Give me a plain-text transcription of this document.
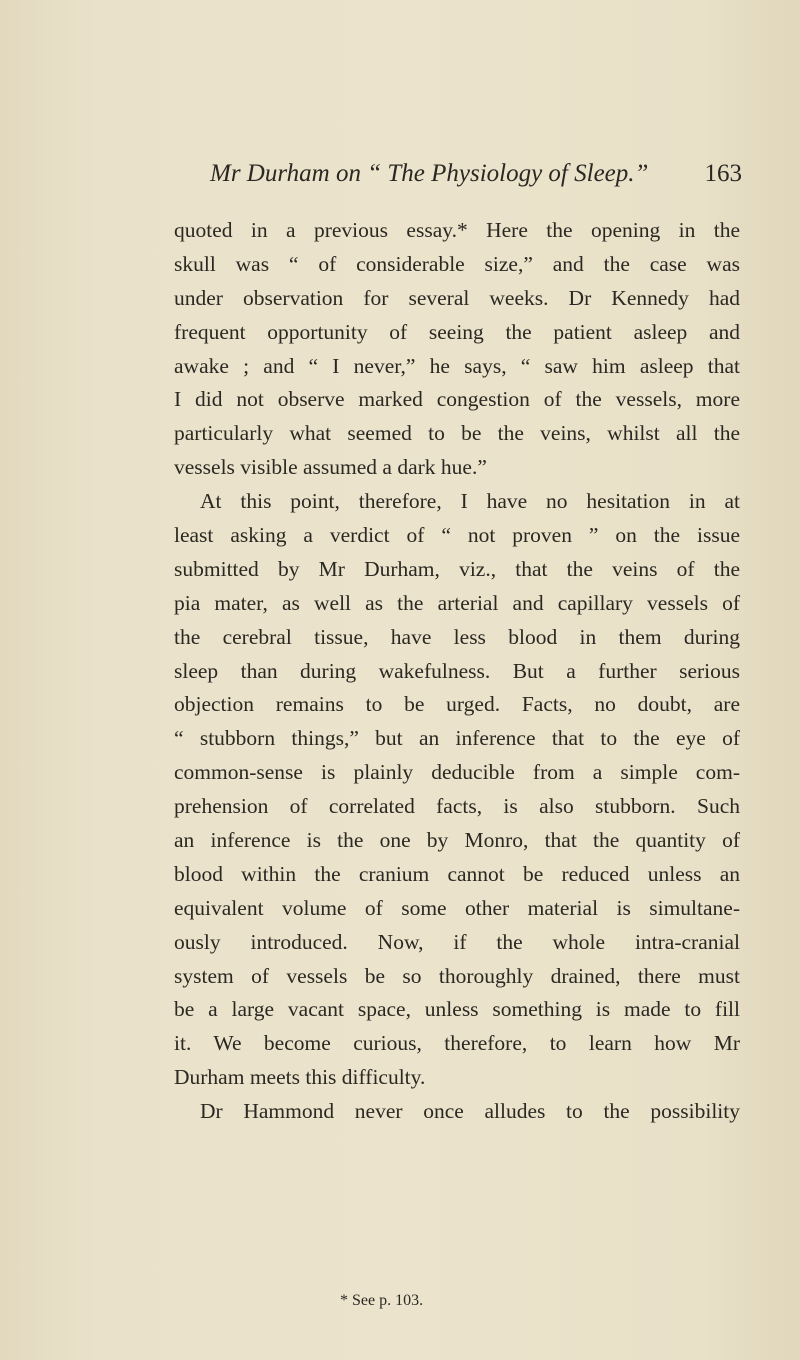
Mr Durham on “ The Physiology of Sleep.” 163
quoted in a previous essay.* Here the opening in the
skull was “ of considerable size,” and the case was
under observation for several weeks. Dr Kennedy had
frequent opportunity of seeing the patient asleep and
awake ; and “ I never,” he says, “ saw him asleep that
I did not observe marked congestion of the vessels, more
particularly what seemed to be the veins, whilst all the
vessels visible assumed a dark hue.”
At this point, therefore, I have no hesitation in at
least asking a verdict of “ not proven ” on the issue
submitted by Mr Durham, viz., that the veins of the
pia mater, as well as the arterial and capillary vessels of
the cerebral tissue, have less blood in them during
sleep than during wakefulness. But a further serious
objection remains to be urged. Facts, no doubt, are
“ stubborn things,” but an inference that to the eye of
common-sense is plainly deducible from a simple com-
prehension of correlated facts, is also stubborn. Such
an inference is the one by Monro, that the quantity of
blood within the cranium cannot be reduced unless an
equivalent volume of some other material is simultane-
ously introduced. Now, if the whole intra-cranial
system of vessels be so thoroughly drained, there must
be a large vacant space, unless something is made to fill
it. We become curious, therefore, to learn how Mr
Durham meets this difficulty.
Dr Hammond never once alludes to the possibility
* See p. 103.
